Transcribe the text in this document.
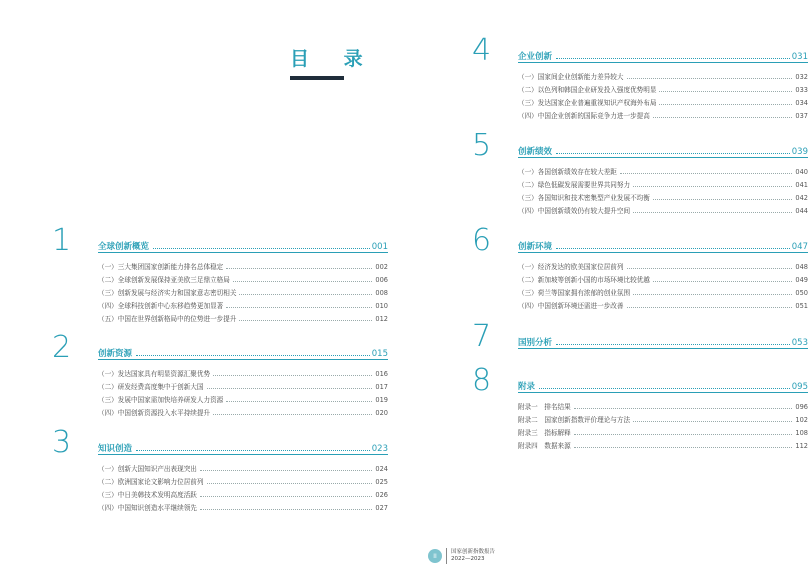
目 录
1	全球创新概览	001
（一）三大集团国家创新能力排名总体稳定	002
（二）全球创新发展保持亚美欧三足鼎立格局	006
（三）创新发展与经济实力和国家意志密切相关	008
（四）全球科技创新中心东移趋势更加显著	010
（五）中国在世界创新格局中的位势进一步提升	012
2	创新资源	015
（一）发达国家具有明显资源汇聚优势	016
（二）研发经费高度集中于创新大国	017
（三）发展中国家需加快培养研发人力资源	019
（四）中国创新资源投入水平持续提升	020
3	知识创造	023
（一）创新大国知识产出表现突出	024
（二）欧洲国家论文影响力位居前列	025
（三）中日美韩技术发明高度活跃	026
（四）中国知识创造水平继续领先	027
4	企业创新	031
（一）国家间企业创新能力差异较大	032
（二）以色列和韩国企业研发投入强度优势明显	033
（三）发达国家企业普遍重视知识产权海外布局	034
（四）中国企业创新的国际竞争力进一步提高	037
5	创新绩效	039
（一）各国创新绩效存在较大差距	040
（二）绿色低碳发展需要世界共同努力	041
（三）各国知识和技术密集型产业发展不均衡	042
（四）中国创新绩效仍有较大提升空间	044
6	创新环境	047
（一）经济发达的欧美国家位居前列	048
（二）新加坡等创新小国的市场环境比较优越	049
（三）荷兰等国家拥有浓郁的创业氛围	050
（四）中国创新环境还需进一步改善	051
7	国别分析	053
8	附录	095
附录一　排名结果	096
附录二　国家创新指数评价理论与方法	102
附录三　指标解释	108
附录四　数据来源	112
II
国家创新指数报告
2022—2023
